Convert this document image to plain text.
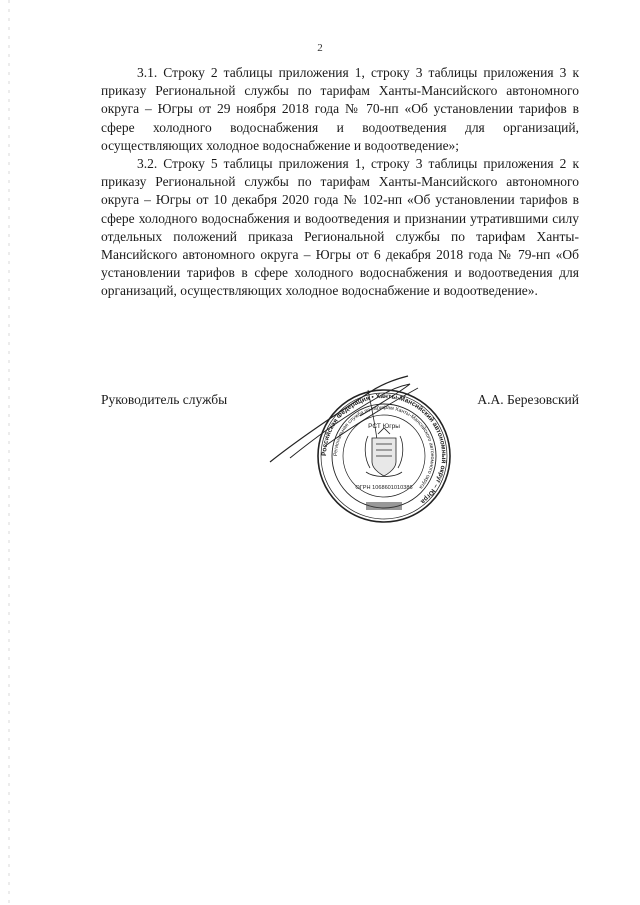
2

3.1. Строку 2 таблицы приложения 1, строку 3 таблицы приложения 3 к приказу Региональной службы по тарифам Ханты-Мансийского автономного округа – Югры от 29 ноября 2018 года № 70-нп «Об установлении тарифов в сфере холодного водоснабжения и водоотведения для организаций, осуществляющих холодное водоснабжение и водоотведение»;

3.2. Строку 5 таблицы приложения 1, строку 3 таблицы приложения 2 к приказу Региональной службы по тарифам Ханты-Мансийского автономного округа – Югры от 10 декабря 2020 года № 102-нп «Об установлении тарифов в сфере холодного водоснабжения и водоотведения и признании утратившими силу отдельных положений приказа Региональной службы по тарифам Ханты-Мансийского автономного округа – Югры от 6 декабря 2018 года № 79-нп «Об установлении тарифов в сфере холодного водоснабжения и водоотведения для организаций, осуществляющих холодное водоснабжение и водоотведение».

Руководитель службы	А.А. Березовский
Российская Федерация • Ханты-Мансийский автономный округ – Югра
Региональная служба по тарифам Ханты-Мансийского автономного округа
РСТ Югры
ОГРН 1068601010386
